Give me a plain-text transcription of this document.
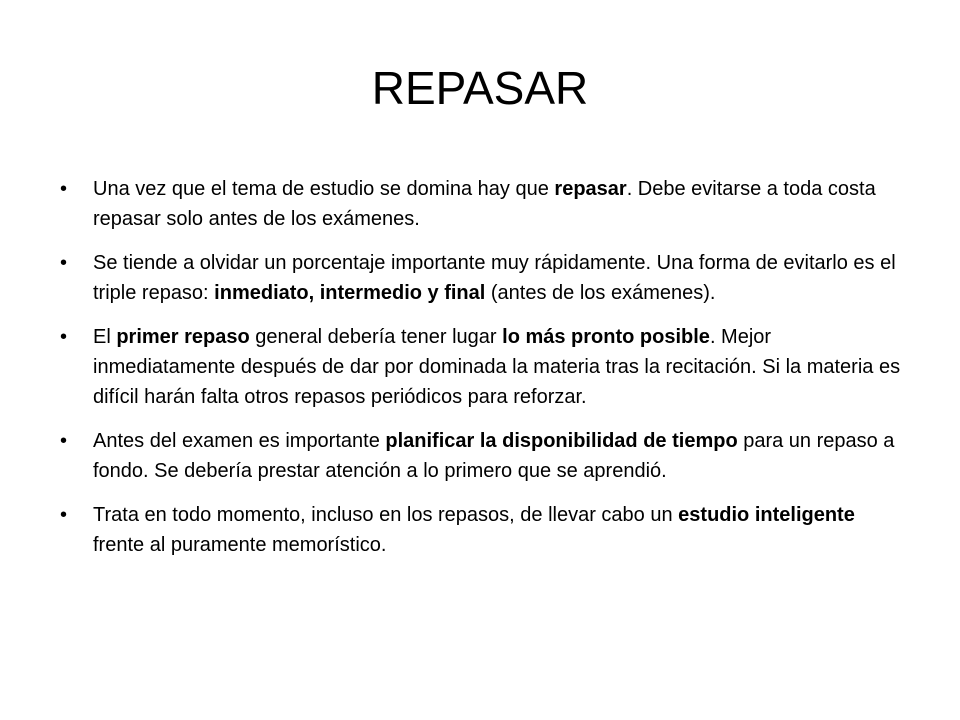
REPASAR
•	Una vez que el tema de estudio se domina hay que repasar. Debe evitarse a toda costa repasar solo antes de los exámenes.
•	Se tiende a olvidar un porcentaje importante muy rápidamente. Una forma de evitarlo es el triple repaso: inmediato, intermedio y final (antes de los exámenes).
•	El primer repaso general debería tener lugar lo más pronto posible. Mejor inmediatamente después de dar por dominada la materia tras la recitación. Si la materia es difícil harán falta otros repasos periódicos para reforzar.
•	Antes del examen es importante planificar la disponibilidad de tiempo para un repaso a fondo. Se debería prestar atención a lo primero que se aprendió.
•	Trata en todo momento, incluso en los repasos, de llevar cabo un estudio inteligente frente al puramente memorístico.
